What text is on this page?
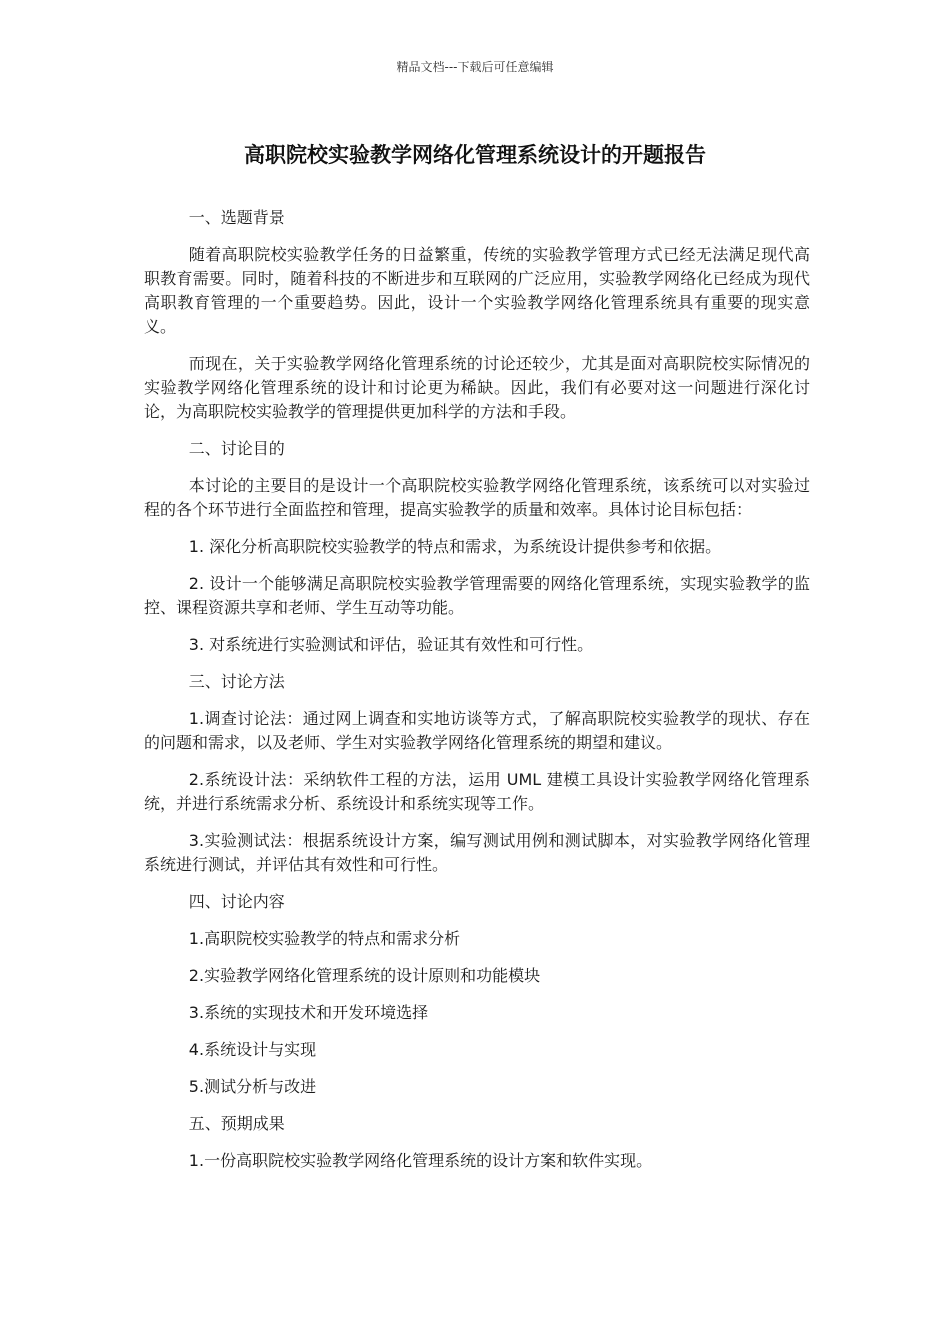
精品文档---下载后可任意编辑
高职院校实验教学网络化管理系统设计的开题报告

一、选题背景

随着高职院校实验教学任务的日益繁重，传统的实验教学管理方式已经无法满足现代高职教育需要。同时，随着科技的不断进步和互联网的广泛应用，实验教学网络化已经成为现代高职教育管理的一个重要趋势。因此，设计一个实验教学网络化管理系统具有重要的现实意义。

而现在，关于实验教学网络化管理系统的讨论还较少，尤其是面对高职院校实际情况的实验教学网络化管理系统的设计和讨论更为稀缺。因此，我们有必要对这一问题进行深化讨论，为高职院校实验教学的管理提供更加科学的方法和手段。

二、讨论目的

本讨论的主要目的是设计一个高职院校实验教学网络化管理系统，该系统可以对实验过程的各个环节进行全面监控和管理，提高实验教学的质量和效率。具体讨论目标包括：

1. 深化分析高职院校实验教学的特点和需求，为系统设计提供参考和依据。

2. 设计一个能够满足高职院校实验教学管理需要的网络化管理系统，实现实验教学的监控、课程资源共享和老师、学生互动等功能。

3. 对系统进行实验测试和评估，验证其有效性和可行性。

三、讨论方法

1.调查讨论法：通过网上调查和实地访谈等方式，了解高职院校实验教学的现状、存在的问题和需求，以及老师、学生对实验教学网络化管理系统的期望和建议。

2.系统设计法：采纳软件工程的方法，运用 UML 建模工具设计实验教学网络化管理系统，并进行系统需求分析、系统设计和系统实现等工作。

3.实验测试法：根据系统设计方案，编写测试用例和测试脚本，对实验教学网络化管理系统进行测试，并评估其有效性和可行性。

四、讨论内容

1.高职院校实验教学的特点和需求分析

2.实验教学网络化管理系统的设计原则和功能模块

3.系统的实现技术和开发环境选择

4.系统设计与实现

5.测试分析与改进

五、预期成果

1.一份高职院校实验教学网络化管理系统的设计方案和软件实现。
